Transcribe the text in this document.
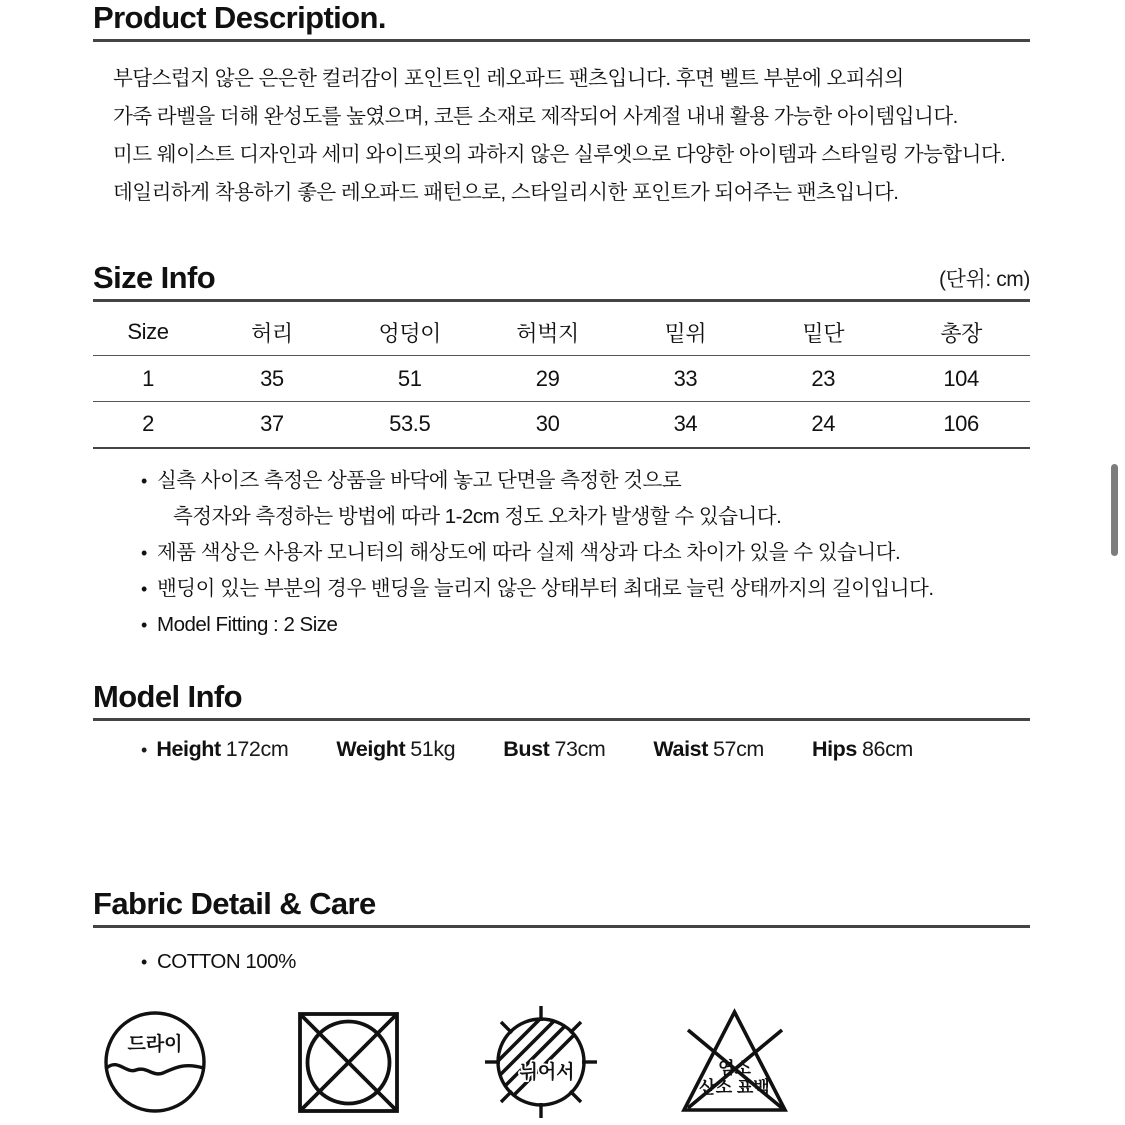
Product Description.

부담스럽지 않은 은은한 컬러감이 포인트인 레오파드 팬츠입니다. 후면 벨트 부분에 오피쉬의

가죽 라벨을 더해 완성도를 높였으며, 코튼 소재로 제작되어 사계절 내내 활용 가능한 아이템입니다.

미드 웨이스트 디자인과 세미 와이드핏의 과하지 않은 실루엣으로 다양한 아이템과 스타일링 가능합니다.

데일리하게 착용하기 좋은 레오파드 패턴으로, 스타일리시한 포인트가 되어주는 팬츠입니다.

Size Info	(단위: cm)
Size	허리	엉덩이	허벅지	밑위	밑단	총장
1	35	51	29	33	23	104
2	37	53.5	30	34	24	106
• 실측 사이즈 측정은 상품을 바닥에 놓고 단면을 측정한 것으로
측정자와 측정하는 방법에 따라 1-2cm 정도 오차가 발생할 수 있습니다.
• 제품 색상은 사용자 모니터의 해상도에 따라 실제 색상과 다소 차이가 있을 수 있습니다.
• 밴딩이 있는 부분의 경우 밴딩을 늘리지 않은 상태부터 최대로 늘린 상태까지의 길이입니다.
• Model Fitting : 2 Size
Model Info
• Height 172cm Weight 51kg Bust 73cm Waist 57cm Hips 86cm
Fabric Detail & Care
• COTTON 100%
드라이
뉘어서	염소
산소 표백
